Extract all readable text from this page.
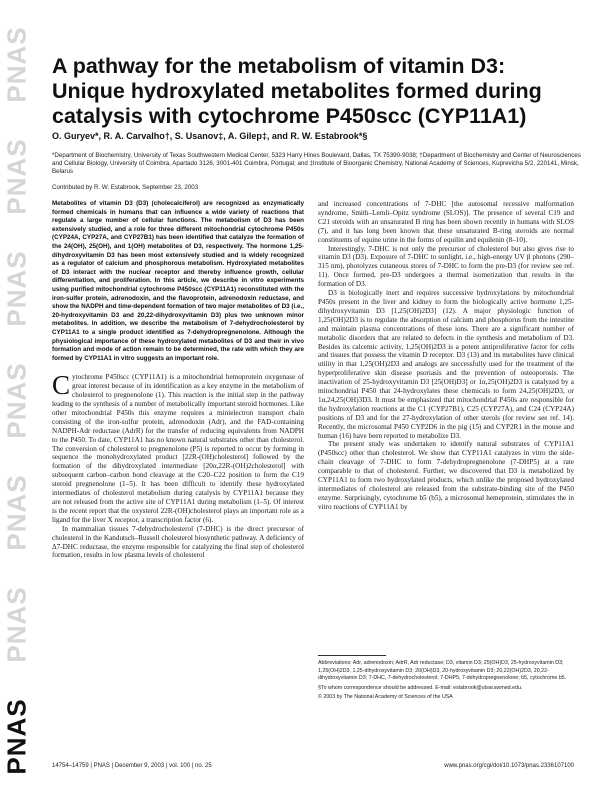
PNAS
PNAS
PNAS
PNAS
PNAS
PNAS
PNAS
A pathway for the metabolism of vitamin D3: Unique hydroxylated metabolites formed during catalysis with cytochrome P450scc (CYP11A1)

O. Guryev*, R. A. Carvalho†, S. Usanov‡, A. Gilep‡, and R. W. Estabrook*§

*Department of Biochemistry, University of Texas Southwestern Medical Center, 5323 Harry Hines Boulevard, Dallas, TX 75390-9038; †Department of Biochemistry and Center of Neurosciences and Cellular Biology, University of Coimbra, Apartado 3126, 3001-401 Coimbra, Portugal; and ‡Institute of Bioorganic Chemistry, National Academy of Sciences, Kuprevicha 5/2, 220141, Minsk, Belarus

Contributed by R. W. Estabrook, September 23, 2003

Metabolites of vitamin D3 (D3) (cholecalciferol) are recognized as enzymatically formed chemicals in humans that can influence a wide variety of reactions that regulate a large number of cellular functions. The metabolism of D3 has been extensively studied, and a role for three different mitochondrial cytochrome P450s (CYP24A, CYP27A, and CYP27B1) has been identified that catalyze the formation of the 24(OH), 25(OH), and 1(OH) metabolites of D3, respectively. The hormone 1,25-dihydroxyvitamin D3 has been most extensively studied and is widely recognized as a regulator of calcium and phosphorous metabolism. Hydroxylated metabolites of D3 interact with the nuclear receptor and thereby influence growth, cellular differentiation, and proliferation. In this article, we describe in vitro experiments using purified mitochondrial cytochrome P450scc (CYP11A1) reconstituted with the iron-sulfer protein, adrenodoxin, and the flavoprotein, adrenodoxin reductase, and show the NADPH and time-dependent formation of two major metabolites of D3 (i.e., 20-hydroxyvitamin D3 and 20,22-dihydroxyvitamin D3) plus two unknown minor metabolites. In addition, we describe the metabolism of 7-dehydrocholesterol by CYP11A1 to a single product identified as 7-dehydropregnenolone. Although the physiological importance of these hydroxylated metabolites of D3 and their in vivo formation and mode of action remain to be determined, the rate with which they are formed by CYP11A1 in vitro suggests an important role.

C ytochrome P450scc (CYP11A1) is a mitochondrial hemoprotein oxygenase of great interest because of its identification as a key enzyme in the metabolism of cholesterol to pregnenolone (1). This reaction is the initial step in the pathway leading to the synthesis of a number of metabolically important steroid hormones. Like other mitochondrial P450s this enzyme requires a minielectron transport chain consisting of the iron-sulfur protein, adrenodoxin (Adr), and the FAD-containing NADPH-Adr reductase (AdrR) for the transfer of reducing equivalents from NADPH to the P450. To date, CYP11A1 has no known natural substrates other than cholesterol. The conversion of cholesterol to pregnenolone (P5) is reported to occur by forming in sequence the monohydroxylated product [22R-(OH)cholesterol] followed by the formation of the dihydroxylated intermediate [20α,22R-(OH)2cholesterol] with subsequent carbon–carbon bond cleavage at the C20–C22 position to form the C19 steroid pregnenolone (1–5). It has been difficult to identify these hydroxylated intermediates of cholesterol metabolism during catalysis by CYP11A1 because they are not released from the active site of CYP11A1 during metabolism (1–5). Of interest is the recent report that the oxysterol 22R-(OH)cholesterol plays an important role as a ligand for the liver X receptor, a transcription factor (6).

In mammalian tissues 7-dehydrocholesterol (7-DHC) is the direct precursor of cholesterol in the Kandutsch–Russell cholesterol biosynthetic pathway. A deficiency of Δ7-DHC reductase, the enzyme responsible for catalyzing the final step of cholesterol formation, results in low plasma levels of cholesterol

and increased concentrations of 7-DHC [the autosomal recessive malformation syndrome, Smith–Lemli–Opitz syndrome (SLOS)]. The presence of several C19 and C21 steroids with an unsaturated B ring has been shown recently in humans with SLOS (7), and it has long been known that these unsaturated B-ring steroids are normal constituents of equine urine in the forms of equilin and equilenin (8–10).

Interestingly, 7-DHC is not only the precursor of cholesterol but also gives rise to vitamin D3 (D3). Exposure of 7-DHC to sunlight, i.e., high-energy UV β photons (290–315 nm), photolyzes cutaneous stores of 7-DHC to form the pre-D3 (for review see ref. 11). Once formed, pre-D3 undergoes a thermal isomerization that results in the formation of D3.

D3 is biologically inert and requires successive hydroxylations by mitochondrial P450s present in the liver and kidney to form the biologically active hormone 1,25-dihydroxyvitamin D3 [1,25(OH)2D3] (12). A major physiologic function of 1,25(OH)2D3 is to regulate the absorption of calcium and phosphorus from the intestine and maintain plasma concentrations of these ions. There are a significant number of metabolic disorders that are related to defects in the synthesis and metabolism of D3. Besides its calcemic activity, 1,25(OH)2D3 is a potent antiproliferative factor for cells and tissues that possess the vitamin D receptor. D3 (13) and its metabolites have clinical utility in that 1,25(OH)2D3 and analogs are successfully used for the treatment of the hyperproliferative skin disease psoriasis and the prevention of osteoporosis. The inactivation of 25-hydroxyvitamin D3 [25(OH)D3] or 1α,25(OH)2D3 is catalyzed by a mitochondrial P450 that 24-hydroxylates these chemicals to form 24,25(OH)2D3, or 1α,24,25(OH)3D3. It must be emphasized that mitochondrial P450s are responsible for the hydroxylation reactions at the C1 (CYP27B1), C25 (CYP27A), and C24 (CYP24A) positions of D3 and for the 27-hydroxylation of other sterols (for review see ref. 14). Recently, the microsomal P450 CYP2D6 in the pig (15) and CYP2R1 in the mouse and human (16) have been reported to metabolize D3.

The present study was undertaken to identify natural substrates of CYP11A1 (P450scc) other than cholesterol. We show that CYP11A1 catalyzes in vitro the side-chain cleavage of 7-DHC to form 7-dehydropregnenolone (7-DHP5) at a rate comparable to that of cholesterol. Further, we discovered that D3 is metabolized by CYP11A1 to form two hydroxylated products, which unlike the proposed hydroxylated intermediates of cholesterol are released from the substrate-binding site of the P450 enzyme. Surprisingly, cytochrome b5 (b5), a microsomal hemeprotein, stimulates the in vitro reactions of CYP11A1 by

Abbreviations: Adr, adrenodoxin; AdrR, Adr reductase; D3, vitamin D3; 25(OH)D3, 25-hydroxyvitamin D3; 1,25(OH)2D3, 1,25-dihydroxyvitamin D3; 20(OH)D3, 20-hydroxyvitamin D3; 20,22(OH)2D3, 20,22-dihydroxyvitamin D3; 7-DHC, 7-dehydrocholesterol; 7-DHP5, 7-dehydropregnenolone; b5, cytochrome b5.

§To whom correspondence should be addressed. E-mail: estabrook@utsw.swmed.edu.

© 2003 by The National Academy of Sciences of the USA

14754–14759 | PNAS | December 9, 2003 | vol. 100 | no. 25	www.pnas.org/cgi/doi/10.1073/pnas.2336107100
